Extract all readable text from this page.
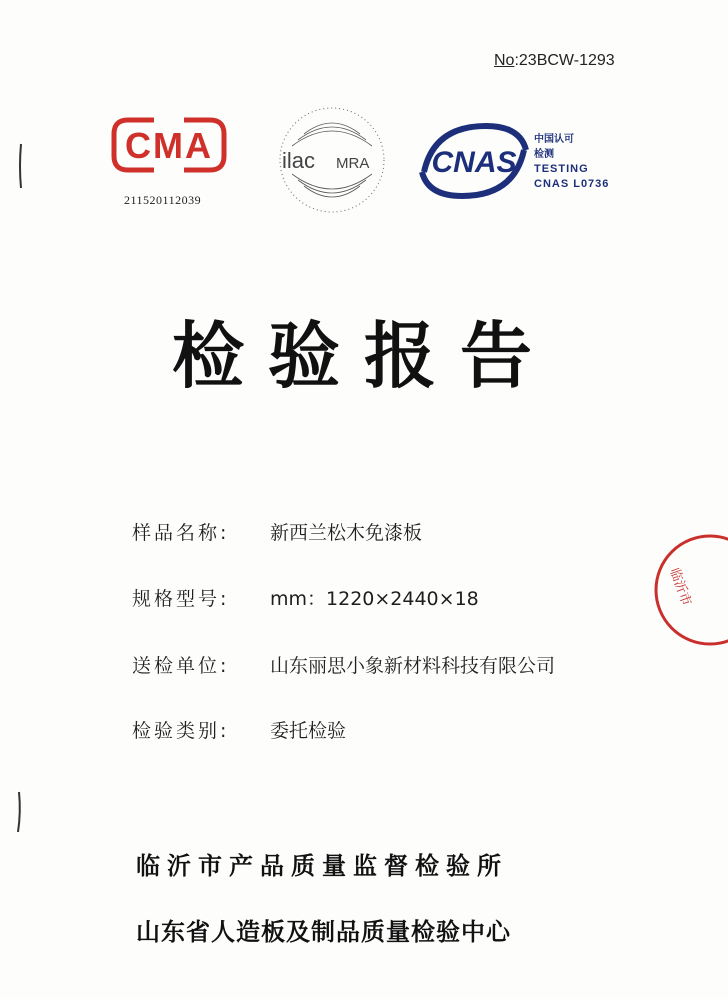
No:23BCW-1293
CMA
211520112039
ilac MRA CNAS
中国认可
检测
TESTING
CNAS L0736
检验报告
样品名称: 新西兰松木免漆板
规格型号: mm：1220×2440×18
送检单位: 山东丽思小象新材料科技有限公司
检验类别: 委托检验
临沂市产品质量监督检验所
山东省人造板及制品质量检验中心
临沂市
